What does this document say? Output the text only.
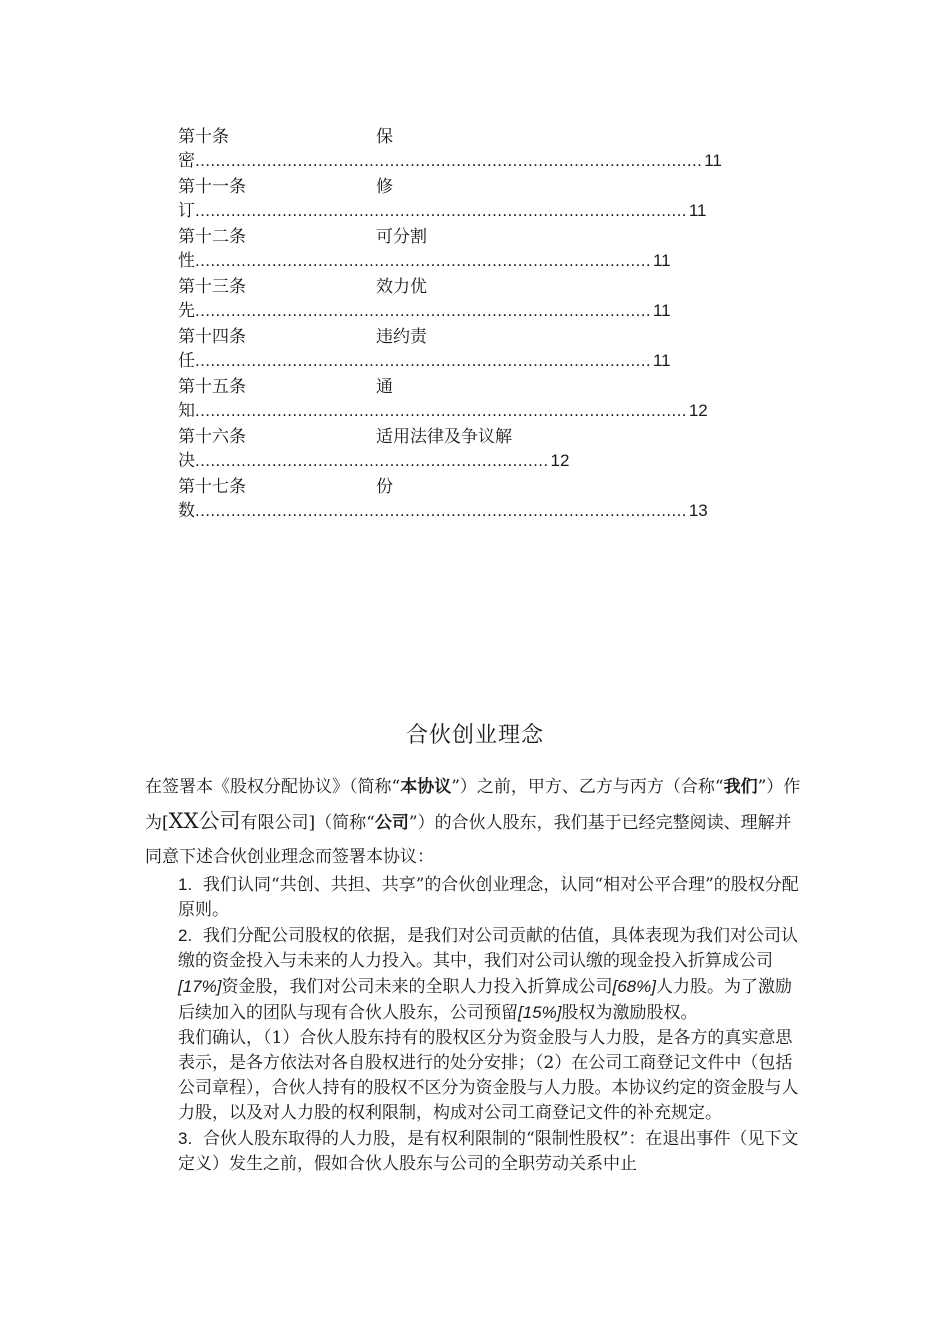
第十条	保
密 ................................................................................................... 11
第十一条	修
订 ................................................................................................ 11
第十二条	可分割
性 ......................................................................................... 11
第十三条	效力优
先 ......................................................................................... 11
第十四条	违约责
任 ......................................................................................... 11
第十五条	通
知 ................................................................................................ 12
第十六条	适用法律及争议解
决 ..................................................................... 12
第十七条	份
数 ................................................................................................ 13
合伙创业理念
在签署本《股权分配协议》（简称“本协议”）之前，甲方、乙方与丙方（合称“我们”）作为[XX公司有限公司]（简称“公司”）的合伙人股东，我们基于已经完整阅读、理解并同意下述合伙创业理念而签署本协议：
1. 我们认同“共创、共担、共享”的合伙创业理念，认同“相对公平合理”的股权分配原则。
2. 我们分配公司股权的依据，是我们对公司贡献的估值，具体表现为我们对公司认缴的资金投入与未来的人力投入。其中，我们对公司认缴的现金投入折算成公司[17%]资金股，我们对公司未来的全职人力投入折算成公司[68%]人力股。为了激励后续加入的团队与现有合伙人股东，公司预留[15%]股权为激励股权。
我们确认，（1）合伙人股东持有的股权区分为资金股与人力股，是各方的真实意思表示，是各方依法对各自股权进行的处分安排；（2）在公司工商登记文件中（包括公司章程），合伙人持有的股权不区分为资金股与人力股。本协议约定的资金股与人力股，以及对人力股的权利限制，构成对公司工商登记文件的补充规定。
3. 合伙人股东取得的人力股，是有权利限制的“限制性股权”：在退出事件（见下文定义）发生之前，假如合伙人股东与公司的全职劳动关系中止
